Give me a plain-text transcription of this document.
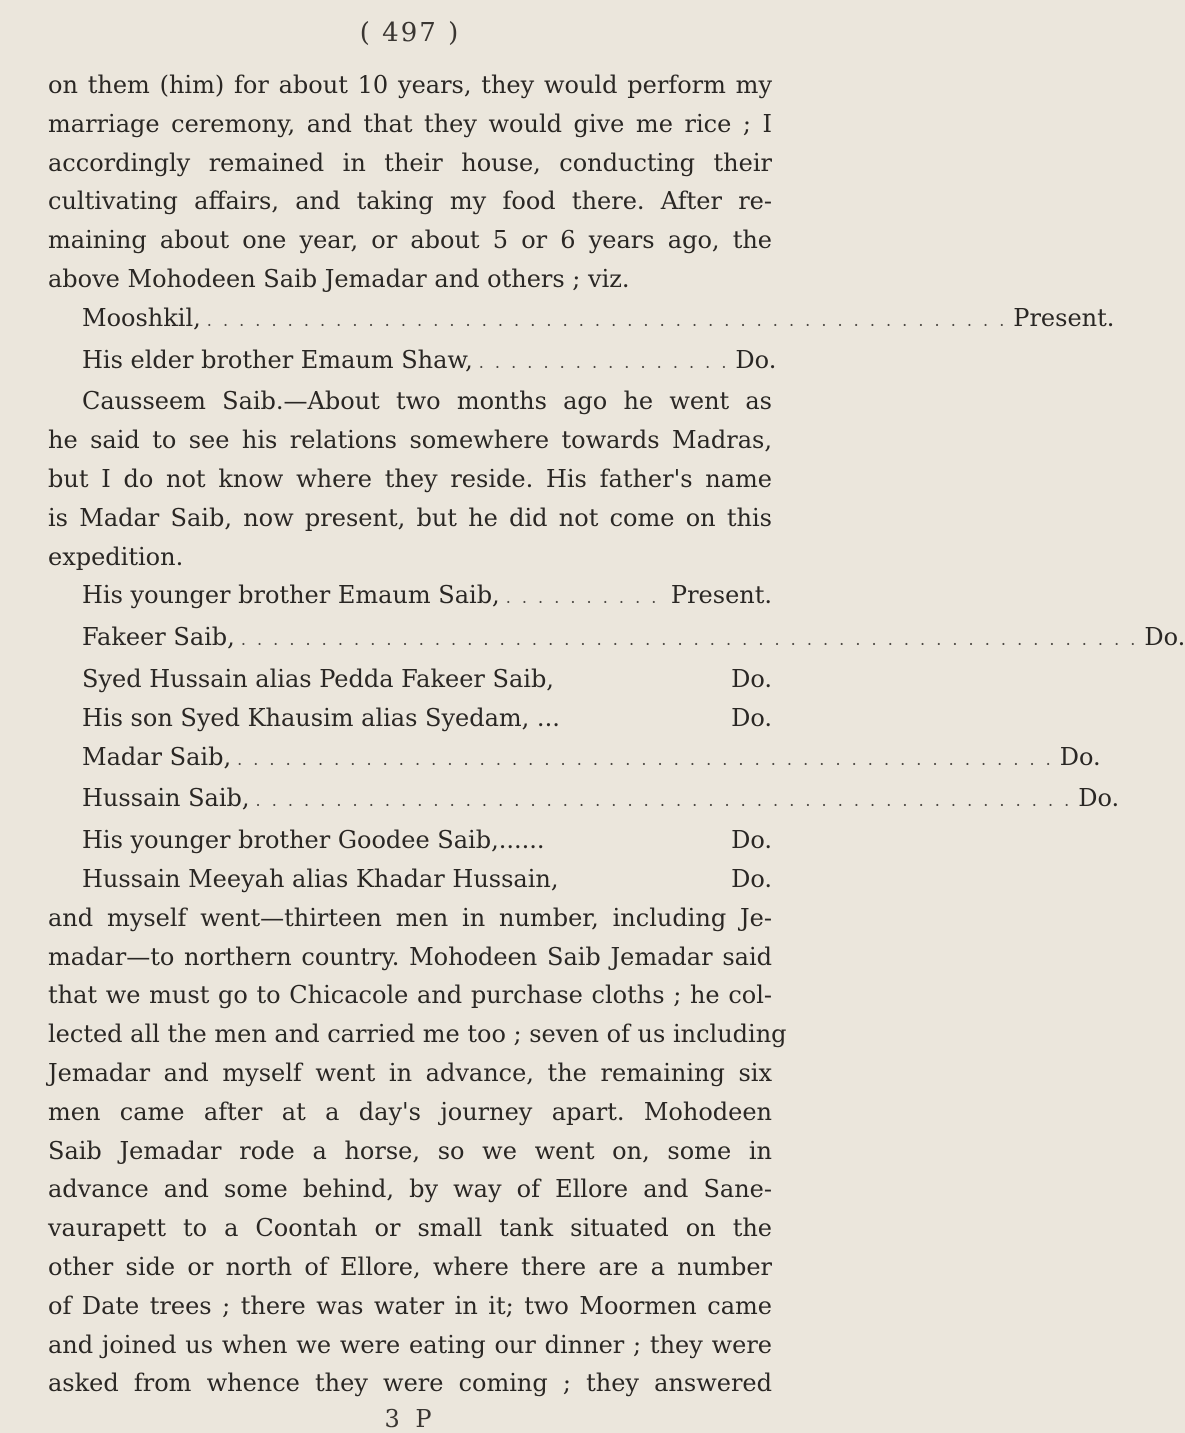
( 497 )
on them (him) for about 10 years, they would perform my
marriage ceremony, and that they would give me rice ; I
accordingly remained in their house, conducting their
cultivating affairs, and taking my food there. After re-
maining about one year, or about 5 or 6 years ago, the
above Mohodeen Saib Jemadar and others ; viz.
Mooshkil, . . . . . . . . . . . . . . . . . . . . . . . . . . . . . . . . . . . . . . . . . . . . . . . . . . Present.
His elder brother Emaum Shaw, . . . . . . . . . . . . . . . . Do.
Causseem Saib.—About two months ago he went as
he said to see his relations somewhere towards Madras,
but I do not know where they reside. His father's name
is Madar Saib, now present, but he did not come on this
expedition.
His younger brother Emaum Saib, . . . . . . . . . . Present.
Fakeer Saib, . . . . . . . . . . . . . . . . . . . . . . . . . . . . . . . . . . . . . . . . . . . . . . . . . . . . . . . . Do.
Syed Hussain alias Pedda Fakeer Saib,	Do.
His son Syed Khausim alias Syedam, ...	Do.
Madar Saib, . . . . . . . . . . . . . . . . . . . . . . . . . . . . . . . . . . . . . . . . . . . . . . . . . . . Do.
Hussain Saib, . . . . . . . . . . . . . . . . . . . . . . . . . . . . . . . . . . . . . . . . . . . . . . . . . . . Do.
His younger brother Goodee Saib,......	Do.
Hussain Meeyah alias Khadar Hussain,	Do.
and myself went—thirteen men in number, including Je-
madar—to northern country. Mohodeen Saib Jemadar said
that we must go to Chicacole and purchase cloths ; he col-
lected all the men and carried me too ; seven of us including
Jemadar and myself went in advance, the remaining six
men came after at a day's journey apart. Mohodeen
Saib Jemadar rode a horse, so we went on, some in
advance and some behind, by way of Ellore and Sane-
vaurapett to a Coontah or small tank situated on the
other side or north of Ellore, where there are a number
of Date trees ; there was water in it; two Moormen came
and joined us when we were eating our dinner ; they were
asked from whence they were coming ; they answered
3 P
